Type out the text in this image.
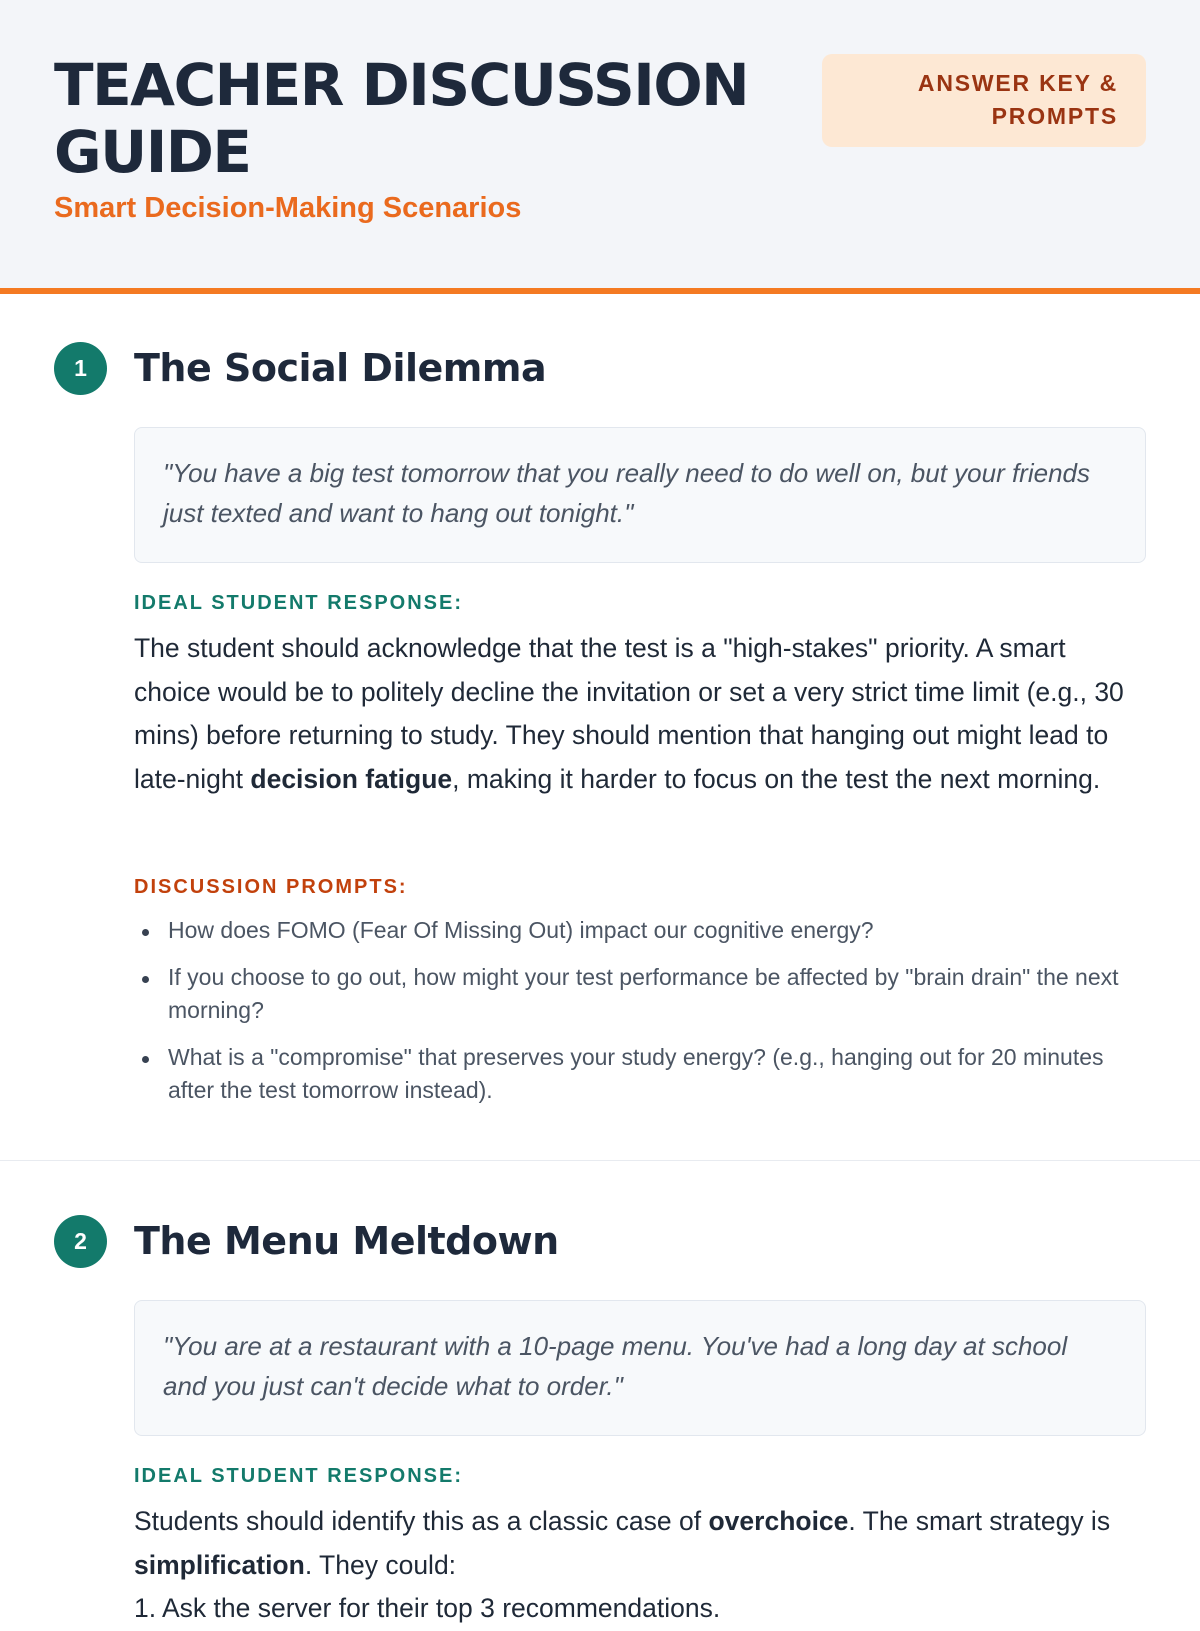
TEACHER DISCUSSION GUIDE
Smart Decision-Making Scenarios
ANSWER KEY & PROMPTS
1	The Social Dilemma
"You have a big test tomorrow that you really need to do well on, but your friends just texted and want to hang out tonight."
IDEAL STUDENT RESPONSE:

The student should acknowledge that the test is a "high-stakes" priority. A smart choice would be to politely decline the invitation or set a very strict time limit (e.g., 30 mins) before returning to study. They should mention that hanging out might lead to late-night decision fatigue, making it harder to focus on the test the next morning.

DISCUSSION PROMPTS:
How does FOMO (Fear Of Missing Out) impact our cognitive energy?
If you choose to go out, how might your test performance be affected by "brain drain" the next morning?
What is a "compromise" that preserves your study energy? (e.g., hanging out for 20 minutes after the test tomorrow instead).
2	The Menu Meltdown
"You are at a restaurant with a 10-page menu. You've had a long day at school and you just can't decide what to order."
IDEAL STUDENT RESPONSE:

Students should identify this as a classic case of overchoice. The smart strategy is simplification. They could:

1. Ask the server for their top 3 recommendations.
